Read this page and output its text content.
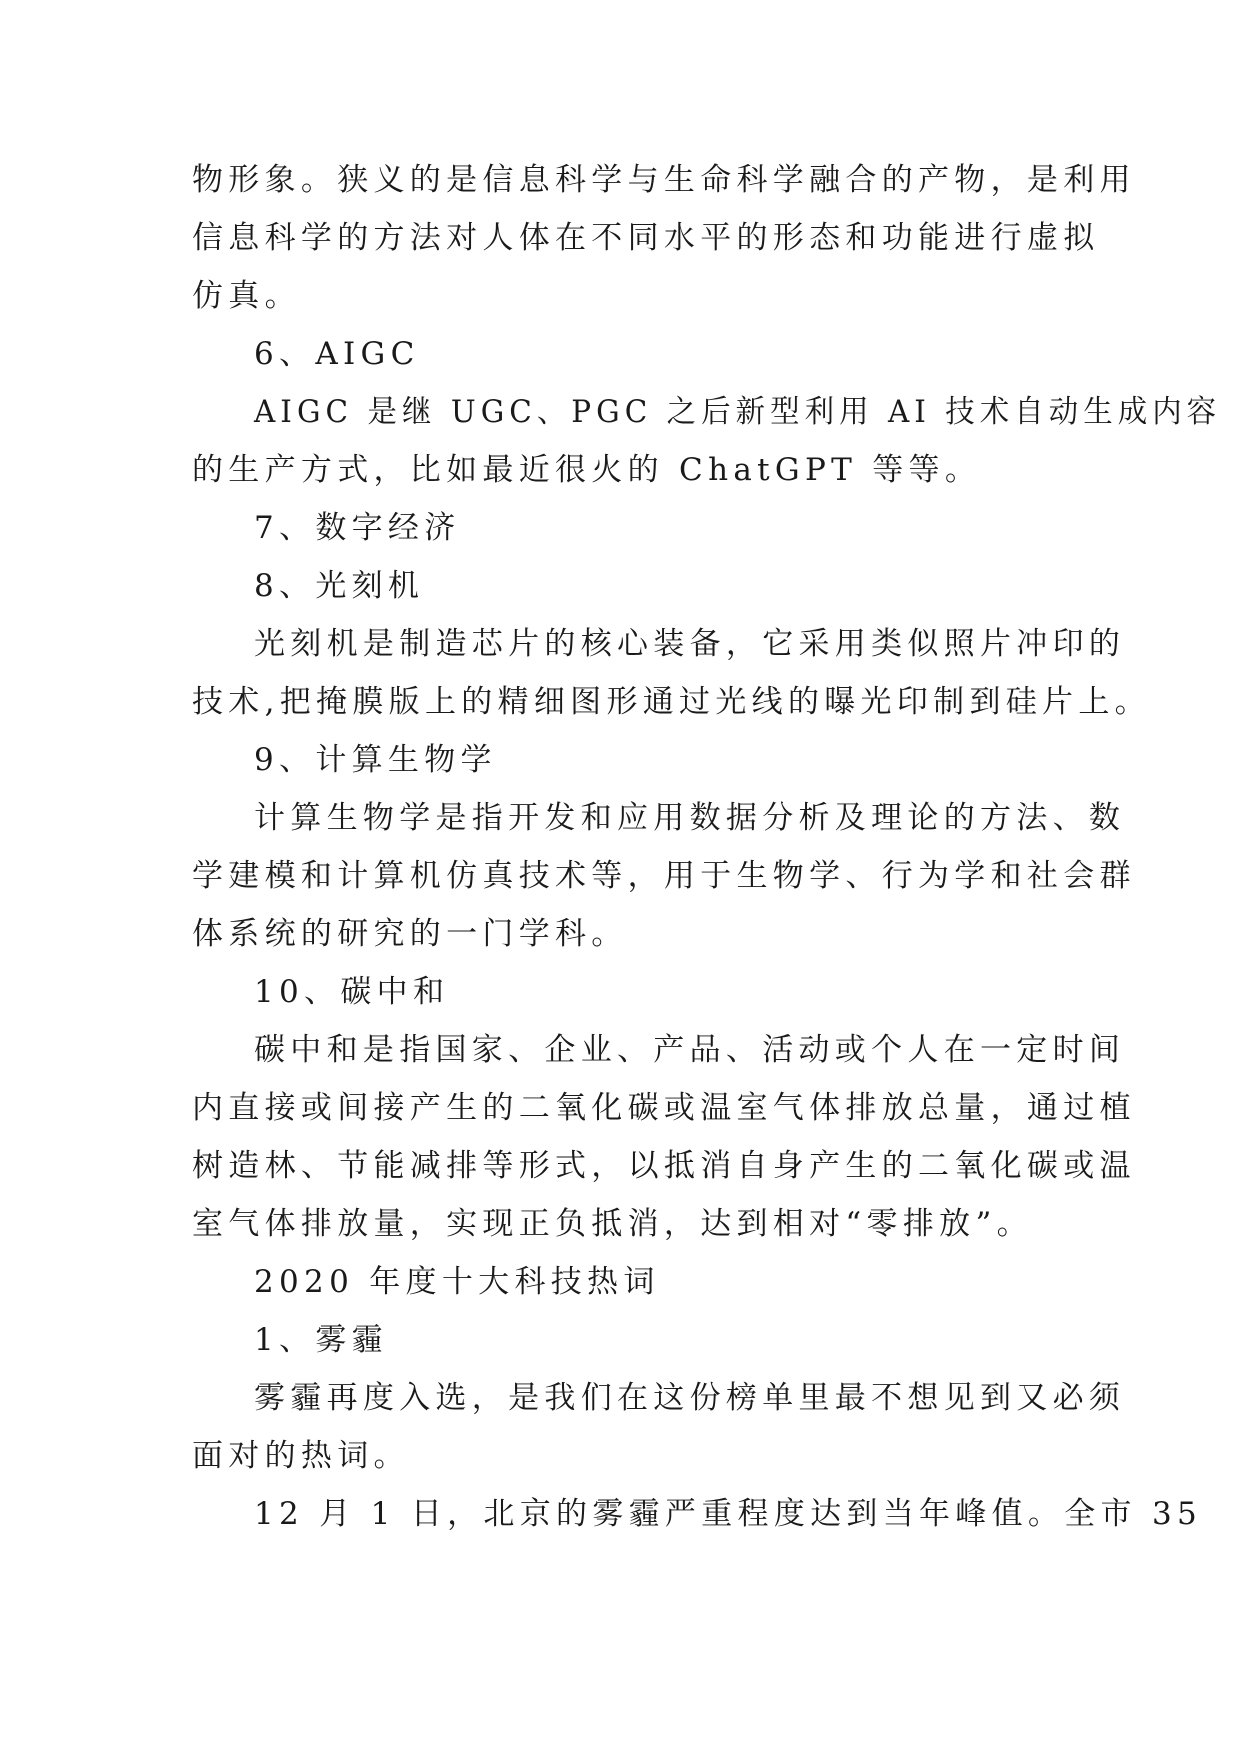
物形象。狭义的是信息科学与生命科学融合的产物，是利用
信息科学的方法对人体在不同水平的形态和功能进行虚拟
仿真。
6、AIGC
AIGC 是继 UGC、PGC 之后新型利用 AI 技术自动生成内容
的生产方式，比如最近很火的 ChatGPT 等等。
7、数字经济
8、光刻机
光刻机是制造芯片的核心装备，它采用类似照片冲印的
技术,把掩膜版上的精细图形通过光线的曝光印制到硅片上。
9、计算生物学
计算生物学是指开发和应用数据分析及理论的方法、数
学建模和计算机仿真技术等，用于生物学、行为学和社会群
体系统的研究的一门学科。
10、碳中和
碳中和是指国家、企业、产品、活动或个人在一定时间
内直接或间接产生的二氧化碳或温室气体排放总量，通过植
树造林、节能减排等形式，以抵消自身产生的二氧化碳或温
室气体排放量，实现正负抵消，达到相对“零排放”。
2020 年度十大科技热词
1、雾霾
雾霾再度入选，是我们在这份榜单里最不想见到又必须
面对的热词。
12 月 1 日，北京的雾霾严重程度达到当年峰值。全市 35
